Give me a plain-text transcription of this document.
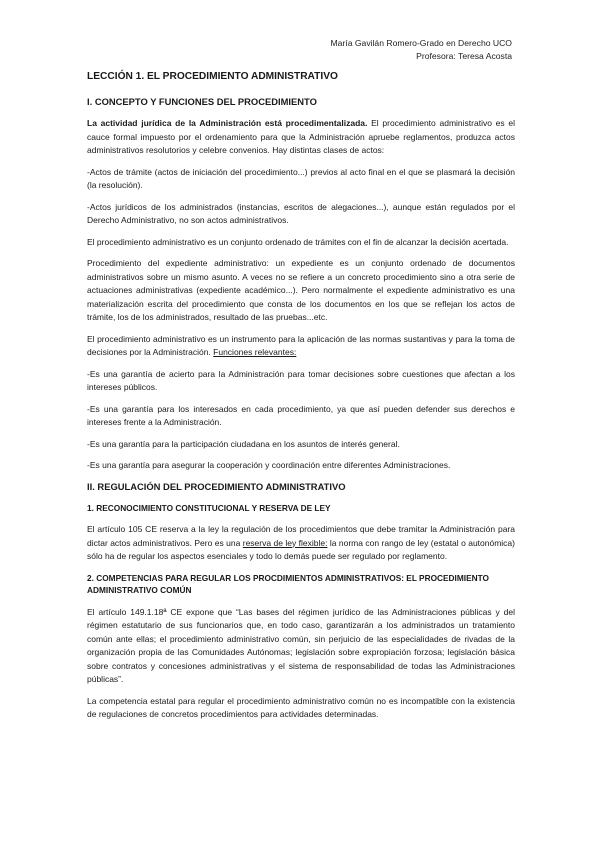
María Gavilán Romero-Grado en Derecho UCO
Profesora: Teresa Acosta
LECCIÓN 1. EL PROCEDIMIENTO ADMINISTRATIVO
I. CONCEPTO Y FUNCIONES DEL PROCEDIMIENTO

La actividad jurídica de la Administración está procedimentalizada. El procedimiento administrativo es el cauce formal impuesto por el ordenamiento para que la Administración apruebe reglamentos, produzca actos administrativos resolutorios y celebre convenios. Hay distintas clases de actos:

-Actos de trámite (actos de iniciación del procedimiento...) previos al acto final en el que se plasmará la decisión (la resolución).

-Actos jurídicos de los administrados (instancias, escritos de alegaciones...), aunque están regulados por el Derecho Administrativo, no son actos administrativos.

El procedimiento administrativo es un conjunto ordenado de trámites con el fin de alcanzar la decisión acertada.

Procedimiento del expediente administrativo: un expediente es un conjunto ordenado de documentos administrativos sobre un mismo asunto. A veces no se refiere a un concreto procedimiento sino a otra serie de actuaciones administrativas (expediente académico...). Pero normalmente el expediente administrativo es una materialización escrita del procedimiento que consta de los documentos en los que se reflejan los actos de trámite, los de los administrados, resultado de las pruebas...etc.

El procedimiento administrativo es un instrumento para la aplicación de las normas sustantivas y para la toma de decisiones por la Administración. Funciones relevantes:

-Es una garantía de acierto para la Administración para tomar decisiones sobre cuestiones que afectan a los intereses públicos.

-Es una garantía para los interesados en cada procedimiento, ya que así pueden defender sus derechos e intereses frente a la Administración.

-Es una garantía para la participación ciudadana en los asuntos de interés general.

-Es una garantía para asegurar la cooperación y coordinación entre diferentes Administraciones.

II. REGULACIÓN DEL PROCEDIMIENTO ADMINISTRATIVO
1. RECONOCIMIENTO CONSTITUCIONAL Y RESERVA DE LEY

El artículo 105 CE reserva a la ley la regulación de los procedimientos que debe tramitar la Administración para dictar actos administrativos. Pero es una reserva de ley flexible: la norma con rango de ley (estatal o autonómica) sólo ha de regular los aspectos esenciales y todo lo demás puede ser regulado por reglamento.

2. COMPETENCIAS PARA REGULAR LOS PROCDIMIENTOS ADMINISTRATIVOS: EL PROCEDIMIENTO ADMINISTRATIVO COMÚN

El artículo 149.1.18ª CE expone que “Las bases del régimen jurídico de las Administraciones públicas y del régimen estatutario de sus funcionarios que, en todo caso, garantizarán a los administrados un tratamiento común ante ellas; el procedimiento administrativo común, sin perjuicio de las especialidades de rivadas de la organización propia de las Comunidades Autónomas; legislación sobre expropiación forzosa; legislación básica sobre contratos y concesiones administrativas y el sistema de responsabilidad de todas las Administraciones públicas”.

La competencia estatal para regular el procedimiento administrativo común no es incompatible con la existencia de regulaciones de concretos procedimientos para actividades determinadas.
